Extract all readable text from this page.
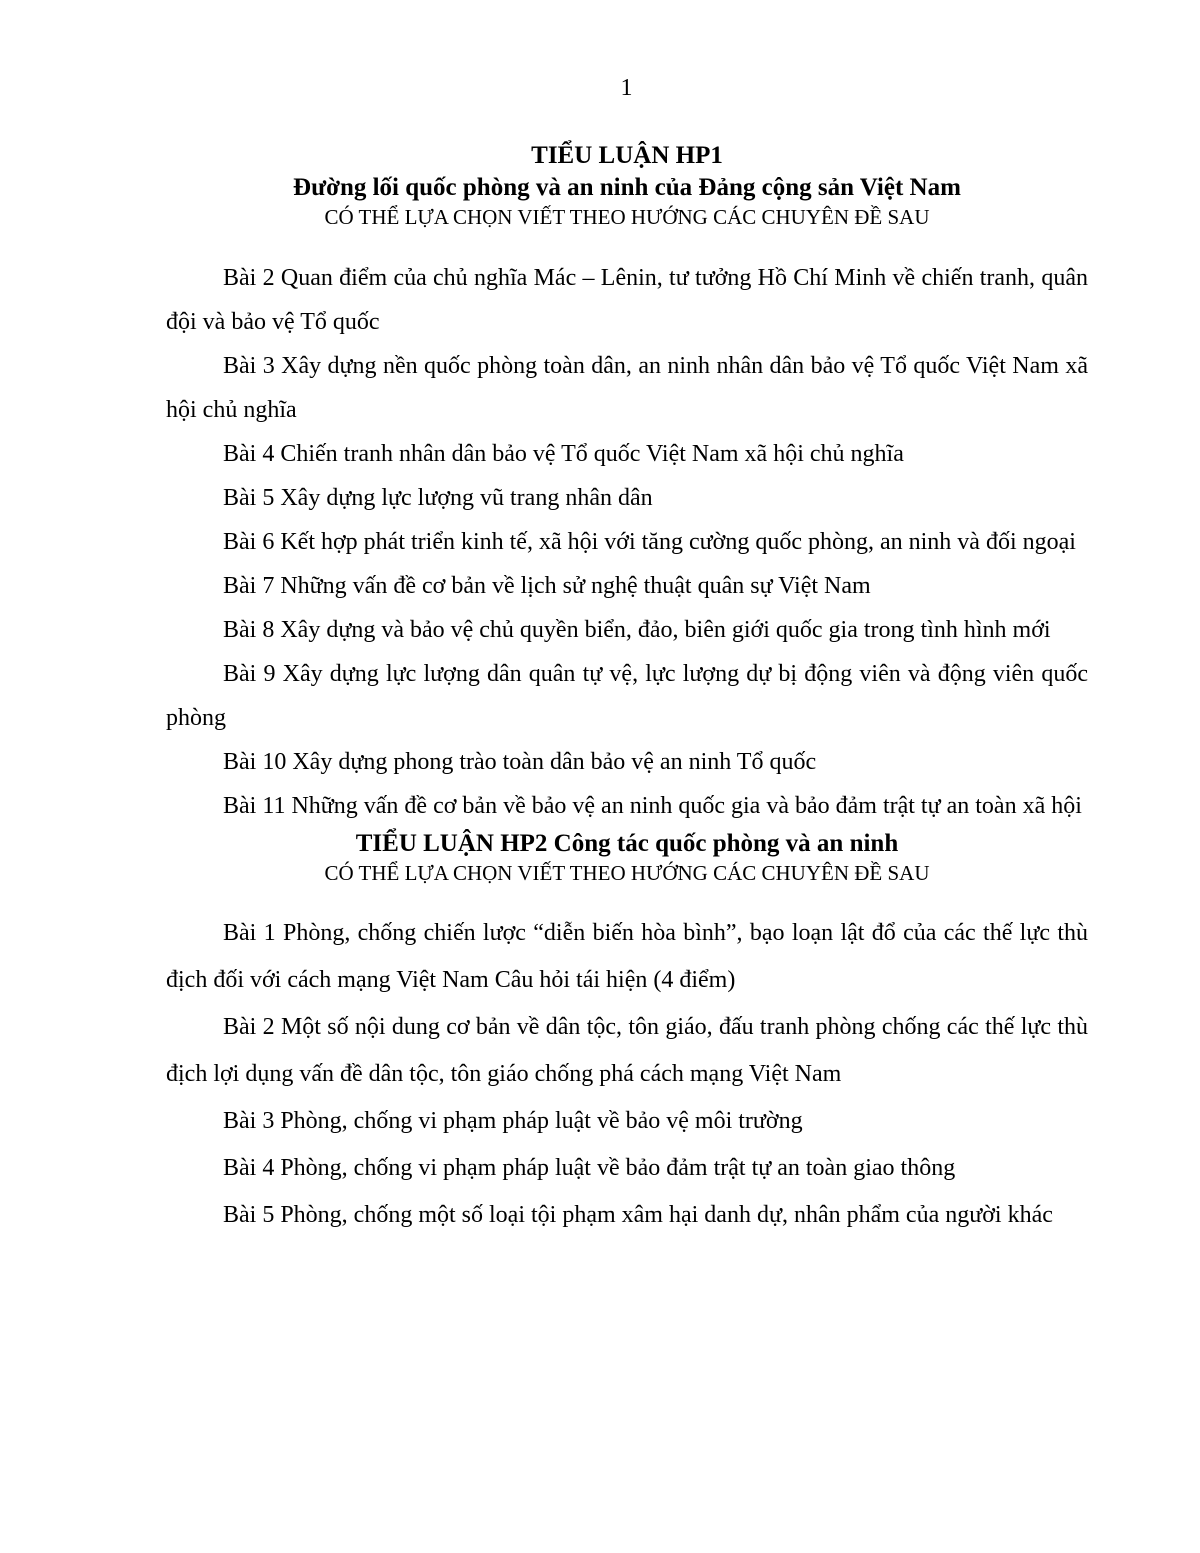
1

TIỂU LUẬN HP1

Đường lối quốc phòng và an ninh của Đảng cộng sản Việt Nam

CÓ THỂ LỰA CHỌN VIẾT THEO HƯỚNG CÁC CHUYÊN ĐỀ SAU

Bài 2 Quan điểm của chủ nghĩa Mác – Lênin, tư tưởng Hồ Chí Minh về chiến tranh, quân đội và bảo vệ Tổ quốc
Bài 3 Xây dựng nền quốc phòng toàn dân, an ninh nhân dân bảo vệ Tổ quốc Việt Nam xã hội chủ nghĩa
Bài 4 Chiến tranh nhân dân bảo vệ Tổ quốc Việt Nam xã hội chủ nghĩa
Bài 5 Xây dựng lực lượng vũ trang nhân dân
Bài 6 Kết hợp phát triển kinh tế, xã hội với tăng cường quốc phòng, an ninh và đối ngoại
Bài 7 Những vấn đề cơ bản về lịch sử nghệ thuật quân sự Việt Nam
Bài 8 Xây dựng và bảo vệ chủ quyền biển, đảo, biên giới quốc gia trong tình hình mới
Bài 9 Xây dựng lực lượng dân quân tự vệ, lực lượng dự bị động viên và động viên quốc phòng
Bài 10 Xây dựng phong trào toàn dân bảo vệ an ninh Tổ quốc
Bài 11 Những vấn đề cơ bản về bảo vệ an ninh quốc gia và bảo đảm trật tự an toàn xã hội

TIỂU LUẬN HP2 Công tác quốc phòng và an ninh

CÓ THỂ LỰA CHỌN VIẾT THEO HƯỚNG CÁC CHUYÊN ĐỀ SAU

Bài 1 Phòng, chống chiến lược “diễn biến hòa bình”, bạo loạn lật đổ của các thế lực thù địch đối với cách mạng Việt Nam Câu hỏi tái hiện (4 điểm)
Bài 2 Một số nội dung cơ bản về dân tộc, tôn giáo, đấu tranh phòng chống các thế lực thù địch lợi dụng vấn đề dân tộc, tôn giáo chống phá cách mạng Việt Nam
Bài 3 Phòng, chống vi phạm pháp luật về bảo vệ môi trường
Bài 4 Phòng, chống vi phạm pháp luật về bảo đảm trật tự an toàn giao thông
Bài 5 Phòng, chống một số loại tội phạm xâm hại danh dự, nhân phẩm của người khác
